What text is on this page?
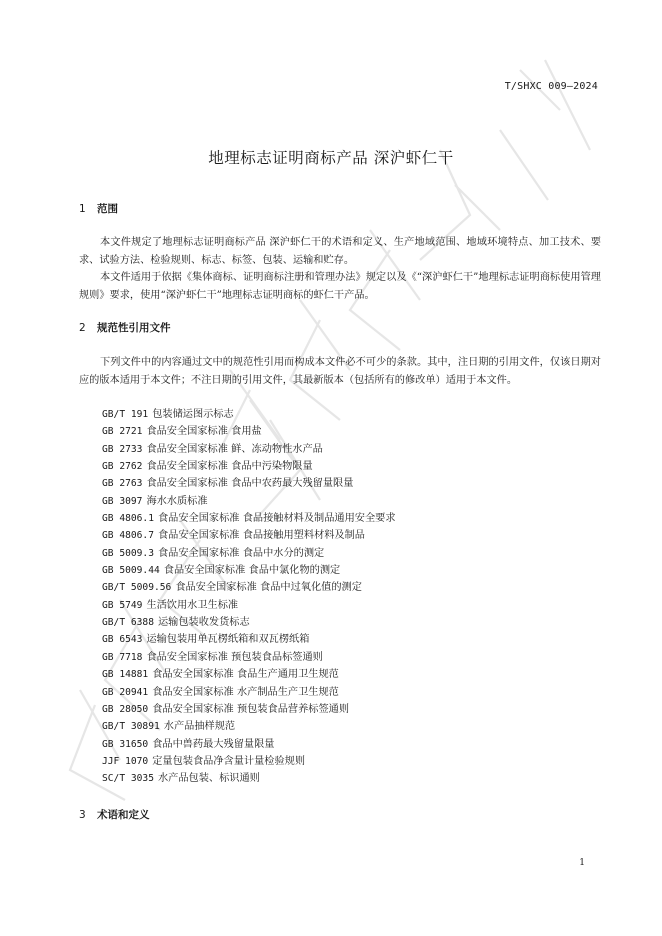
T/SHXC 009—2024
地理标志证明商标产品 深沪虾仁干
1 范围

本文件规定了地理标志证明商标产品 深沪虾仁干的术语和定义、生产地域范围、地域环境特点、加工技术、要求、试验方法、检验规则、标志、标签、包装、运输和贮存。

本文件适用于依据《集体商标、证明商标注册和管理办法》规定以及《“深沪虾仁干”地理标志证明商标使用管理规则》要求，使用“深沪虾仁干”地理标志证明商标的虾仁干产品。

2 规范性引用文件

下列文件中的内容通过文中的规范性引用而构成本文件必不可少的条款。其中，注日期的引用文件，仅该日期对应的版本适用于本文件；不注日期的引用文件，其最新版本（包括所有的修改单）适用于本文件。

GB/T 191 包装储运图示标志
GB 2721 食品安全国家标准 食用盐
GB 2733 食品安全国家标准 鲜、冻动物性水产品
GB 2762 食品安全国家标准 食品中污染物限量
GB 2763 食品安全国家标准 食品中农药最大残留量限量
GB 3097 海水水质标准
GB 4806.1 食品安全国家标准 食品接触材料及制品通用安全要求
GB 4806.7 食品安全国家标准 食品接触用塑料材料及制品
GB 5009.3 食品安全国家标准 食品中水分的测定
GB 5009.44 食品安全国家标准 食品中氯化物的测定
GB/T 5009.56 食品安全国家标准 食品中过氧化值的测定
GB 5749 生活饮用水卫生标准
GB/T 6388 运输包装收发货标志
GB 6543 运输包装用单瓦楞纸箱和双瓦楞纸箱
GB 7718 食品安全国家标准 预包装食品标签通则
GB 14881 食品安全国家标准 食品生产通用卫生规范
GB 20941 食品安全国家标准 水产制品生产卫生规范
GB 28050 食品安全国家标准 预包装食品营养标签通则
GB/T 30891 水产品抽样规范
GB 31650 食品中兽药最大残留量限量
JJF 1070 定量包装食品净含量计量检验规则
SC/T 3035 水产品包装、标识通则
3 术语和定义
1
